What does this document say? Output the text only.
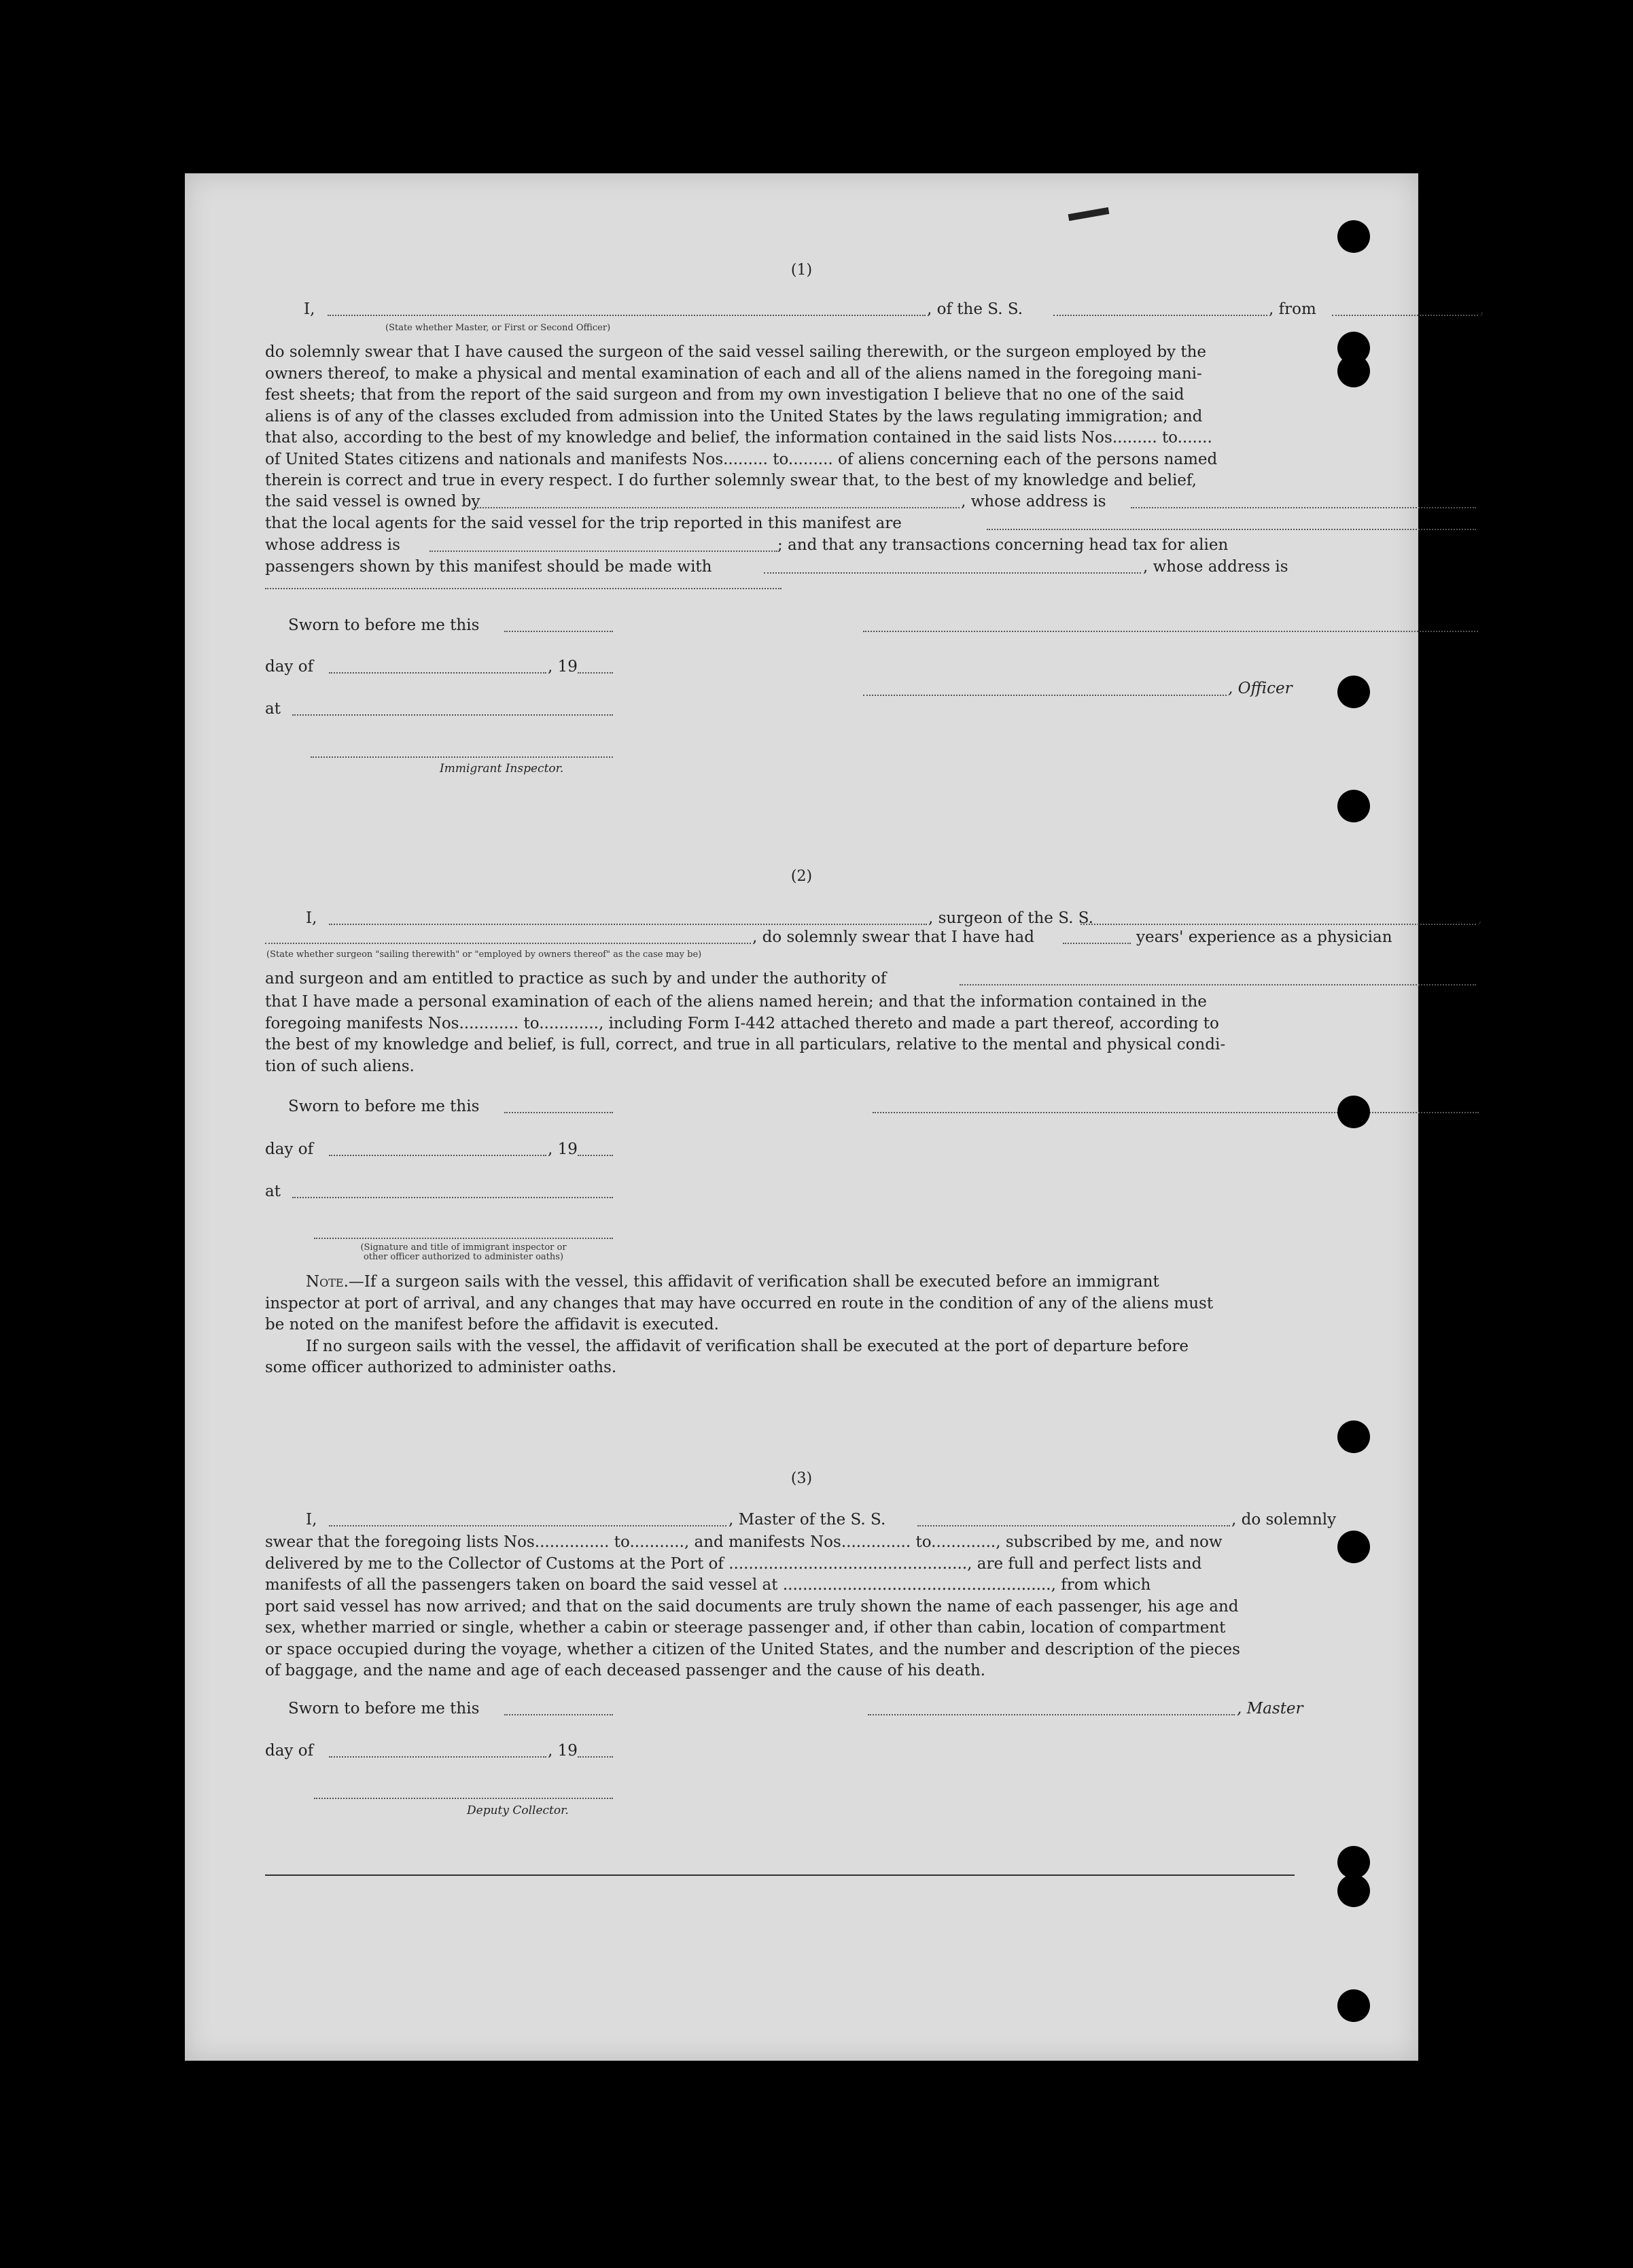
(1)
I,	, of the S. S.	, from	,
(State whether Master, or First or Second Officer)
do solemnly swear that I have caused the surgeon of the said vessel sailing therewith, or the surgeon employed by the
owners thereof, to make a physical and mental examination of each and all of the aliens named in the foregoing mani-
fest sheets; that from the report of the said surgeon and from my own investigation I believe that no one of the said
aliens is of any of the classes excluded from admission into the United States by the laws regulating immigration; and
that also, according to the best of my knowledge and belief, the information contained in the said lists Nos......... to.......
of United States citizens and nationals and manifests Nos......... to......... of aliens concerning each of the persons named
therein is correct and true in every respect. I do further solemnly swear that, to the best of my knowledge and belief,
the said vessel is owned by	, whose address is
that the local agents for the said vessel for the trip reported in this manifest are
whose address is	; and that any transactions concerning head tax for alien
passengers shown by this manifest should be made with	, whose address is
Sworn to before me this
day of	, 19
, Officer
at
Immigrant Inspector.
(2)
I,	, surgeon of the S. S.	,
, do solemnly swear that I have had	years' experience as a physician
(State whether surgeon "sailing therewith" or "employed by owners thereof" as the case may be)
and surgeon and am entitled to practice as such by and under the authority of
that I have made a personal examination of each of the aliens named herein; and that the information contained in the
foregoing manifests Nos............ to............, including Form I-442 attached thereto and made a part thereof, according to
the best of my knowledge and belief, is full, correct, and true in all particulars, relative to the mental and physical condi-
tion of such aliens.
Sworn to before me this
day of	, 19
at
(Signature and title of immigrant inspector or
other officer authorized to administer oaths)
Note.—If a surgeon sails with the vessel, this affidavit of verification shall be executed before an immigrant
inspector at port of arrival, and any changes that may have occurred en route in the condition of any of the aliens must
be noted on the manifest before the affidavit is executed.
If no surgeon sails with the vessel, the affidavit of verification shall be executed at the port of departure before
some officer authorized to administer oaths.
(3)
I,	, Master of the S. S.	, do solemnly
swear that the foregoing lists Nos............... to..........., and manifests Nos.............. to............., subscribed by me, and now
delivered by me to the Collector of Customs at the Port of ................................................, are full and perfect lists and
manifests of all the passengers taken on board the said vessel at ......................................................, from which
port said vessel has now arrived; and that on the said documents are truly shown the name of each passenger, his age and
sex, whether married or single, whether a cabin or steerage passenger and, if other than cabin, location of compartment
or space occupied during the voyage, whether a citizen of the United States, and the number and description of the pieces
of baggage, and the name and age of each deceased passenger and the cause of his death.
Sworn to before me this	, Master
day of	, 19
Deputy Collector.
